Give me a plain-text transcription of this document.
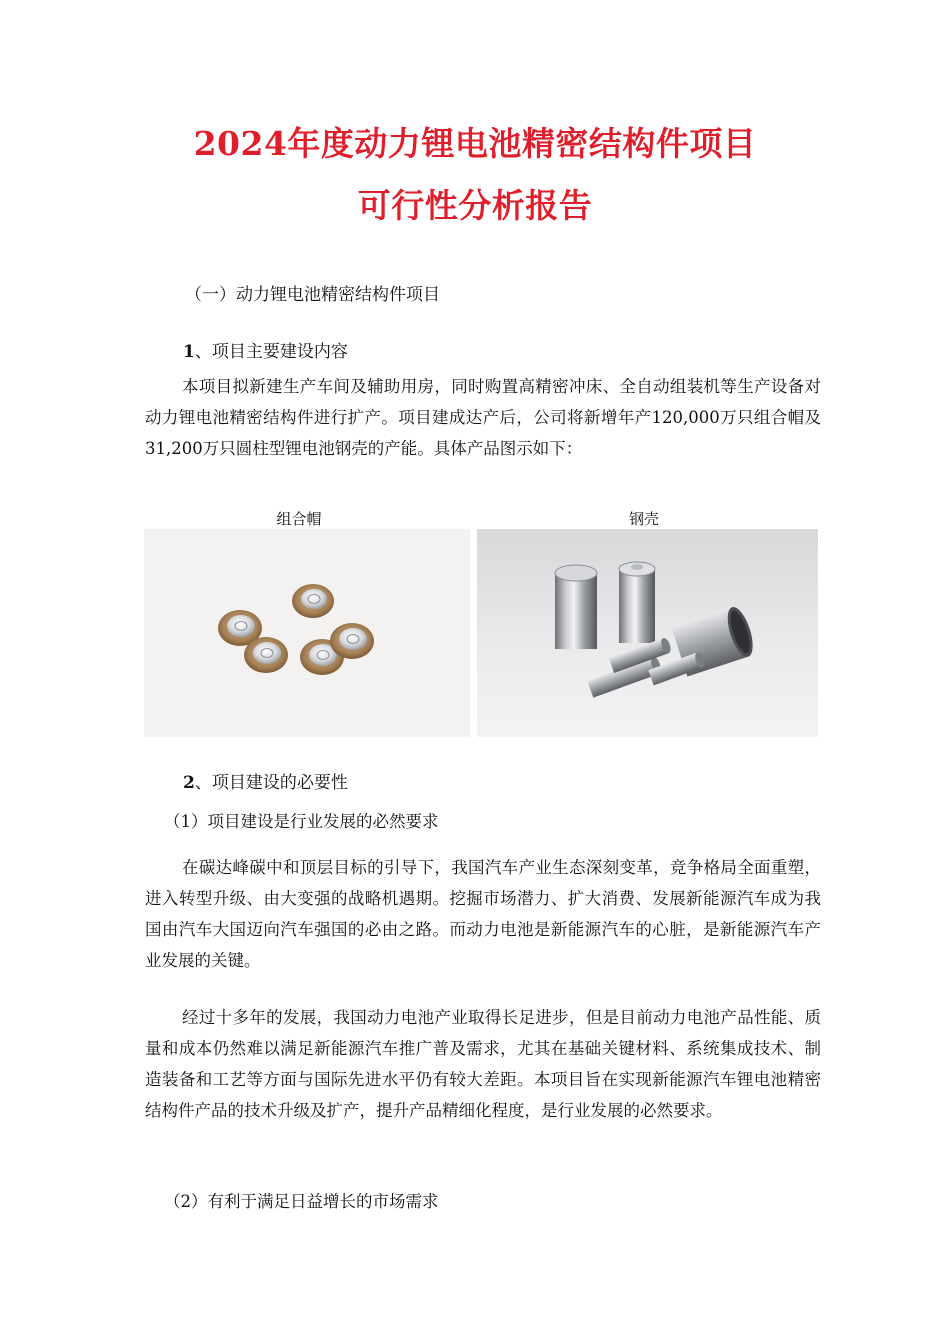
2024年度动力锂电池精密结构件项目
可行性分析报告
（一）动力锂电池精密结构件项目
1、项目主要建设内容
本项目拟新建生产车间及辅助用房，同时购置高精密冲床、全自动组装机等生产设备对动力锂电池精密结构件进行扩产。项目建成达产后，公司将新增年产120,000万只组合帽及 31,200万只圆柱型锂电池钢壳的产能。具体产品图示如下：
组合帽	钢壳
2、项目建设的必要性
（1）项目建设是行业发展的必然要求
在碳达峰碳中和顶层目标的引导下，我国汽车产业生态深刻变革，竞争格局全面重塑，进入转型升级、由大变强的战略机遇期。挖掘市场潜力、扩大消费、发展新能源汽车成为我国由汽车大国迈向汽车强国的必由之路。而动力电池是新能源汽车的心脏，是新能源汽车产业发展的关键。
经过十多年的发展，我国动力电池产业取得长足进步，但是目前动力电池产品性能、质量和成本仍然难以满足新能源汽车推广普及需求，尤其在基础关键材料、系统集成技术、制造装备和工艺等方面与国际先进水平仍有较大差距。本项目旨在实现新能源汽车锂电池精密结构件产品的技术升级及扩产，提升产品精细化程度，是行业发展的必然要求。
（2）有利于满足日益增长的市场需求
